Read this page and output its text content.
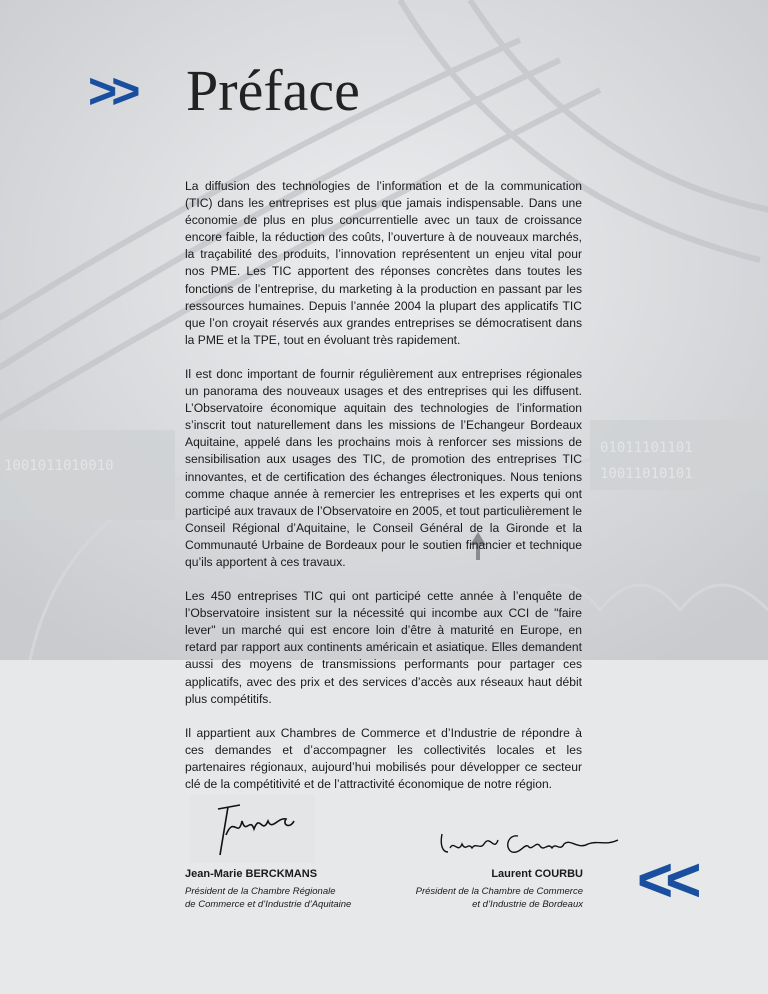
1001011010010
01011101101
10011010101
>> Préface

La diffusion des technologies de l’information et de la communication (TIC) dans les entreprises est plus que jamais indispensable. Dans une économie de plus en plus concurrentielle avec un taux de croissance encore faible, la réduction des coûts, l’ouverture à de nouveaux marchés, la traçabilité des produits, l’innovation représentent un enjeu vital pour nos PME. Les TIC apportent des réponses concrètes dans toutes les fonctions de l’entreprise, du marketing à la production en passant par les ressources humaines. Depuis l’année 2004 la plupart des applicatifs TIC que l’on croyait réservés aux grandes entreprises se démocratisent dans la PME et la TPE, tout en évoluant très rapidement.

Il est donc important de fournir régulièrement aux entreprises régionales un panorama des nouveaux usages et des entreprises qui les diffusent. L’Observatoire économique aquitain des technologies de l’information s’inscrit tout naturellement dans les missions de l’Echangeur Bordeaux Aquitaine, appelé dans les prochains mois à renforcer ses missions de sensibilisation aux usages des TIC, de promotion des entreprises TIC innovantes, et de certification des échanges électroniques. Nous tenions comme chaque année à remercier les entreprises et les experts qui ont participé aux travaux de l’Observatoire en 2005, et tout particulièrement le Conseil Régional d’Aquitaine, le Conseil Général de la Gironde et la Communauté Urbaine de Bordeaux pour le soutien financier et technique qu’ils apportent à ces travaux.

Les 450 entreprises TIC qui ont participé cette année à l’enquête de l’Observatoire insistent sur la nécessité qui incombe aux CCI de "faire lever" un marché qui est encore loin d’être à maturité en Europe, en retard par rapport aux continents américain et asiatique. Elles demandent aussi des moyens de transmissions performants pour partager ces applicatifs, avec des prix et des services d’accès aux réseaux haut débit plus compétitifs.

Il appartient aux Chambres de Commerce et d’Industrie de répondre à ces demandes et d’accompagner les collectivités locales et les partenaires régionaux, aujourd’hui mobilisés pour développer ce secteur clé de la compétitivité et de l’attractivité économique de notre région.

Jean-Marie BERCKMANS
Président de la Chambre Régionale
de Commerce et d’Industrie d’Aquitaine
Laurent COURBU
Président de la Chambre de Commerce
et d’Industrie de Bordeaux <<
